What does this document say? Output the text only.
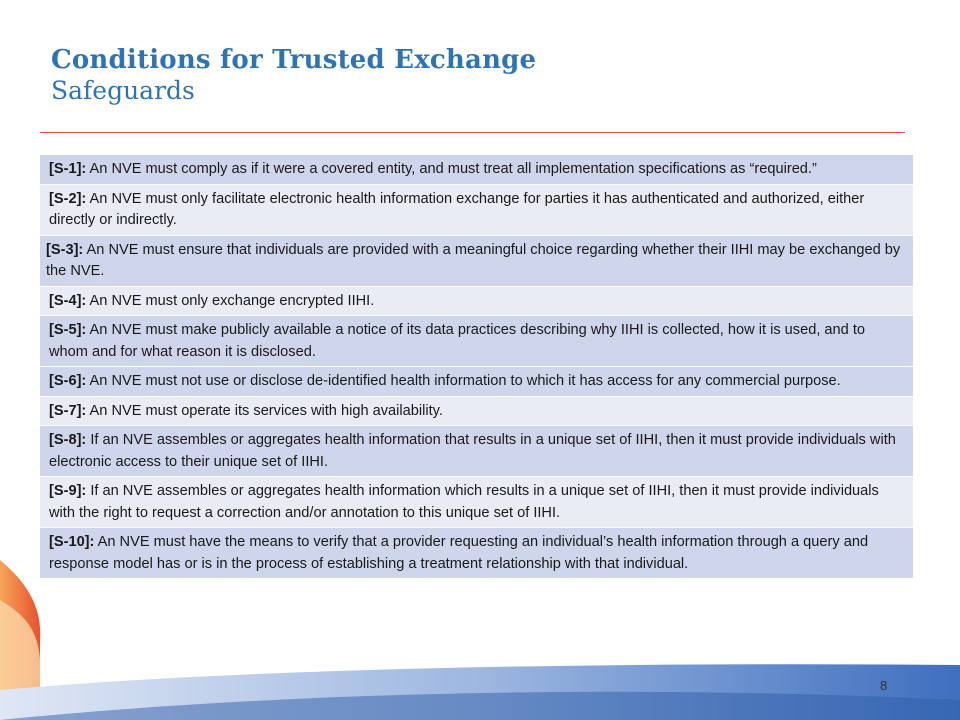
Conditions for Trusted Exchange
Safeguards
[S-1]: An NVE must comply as if it were a covered entity, and must treat all implementation specifications as “required.”
[S-2]: An NVE must only facilitate electronic health information exchange for parties it has authenticated and authorized, either directly or indirectly.
[S-3]: An NVE must ensure that individuals are provided with a meaningful choice regarding whether their IIHI may be exchanged by the NVE.
[S-4]: An NVE must only exchange encrypted IIHI.
[S-5]: An NVE must make publicly available a notice of its data practices describing why IIHI is collected, how it is used, and to whom and for what reason it is disclosed.
[S-6]: An NVE must not use or disclose de-identified health information to which it has access for any commercial purpose.
[S-7]: An NVE must operate its services with high availability.
[S-8]: If an NVE assembles or aggregates health information that results in a unique set of IIHI, then it must provide individuals with electronic access to their unique set of IIHI.
[S-9]: If an NVE assembles or aggregates health information which results in a unique set of IIHI, then it must provide individuals with the right to request a correction and/or annotation to this unique set of IIHI.
[S-10]: An NVE must have the means to verify that a provider requesting an individual’s health information through a query and response model has or is in the process of establishing a treatment relationship with that individual.
8
